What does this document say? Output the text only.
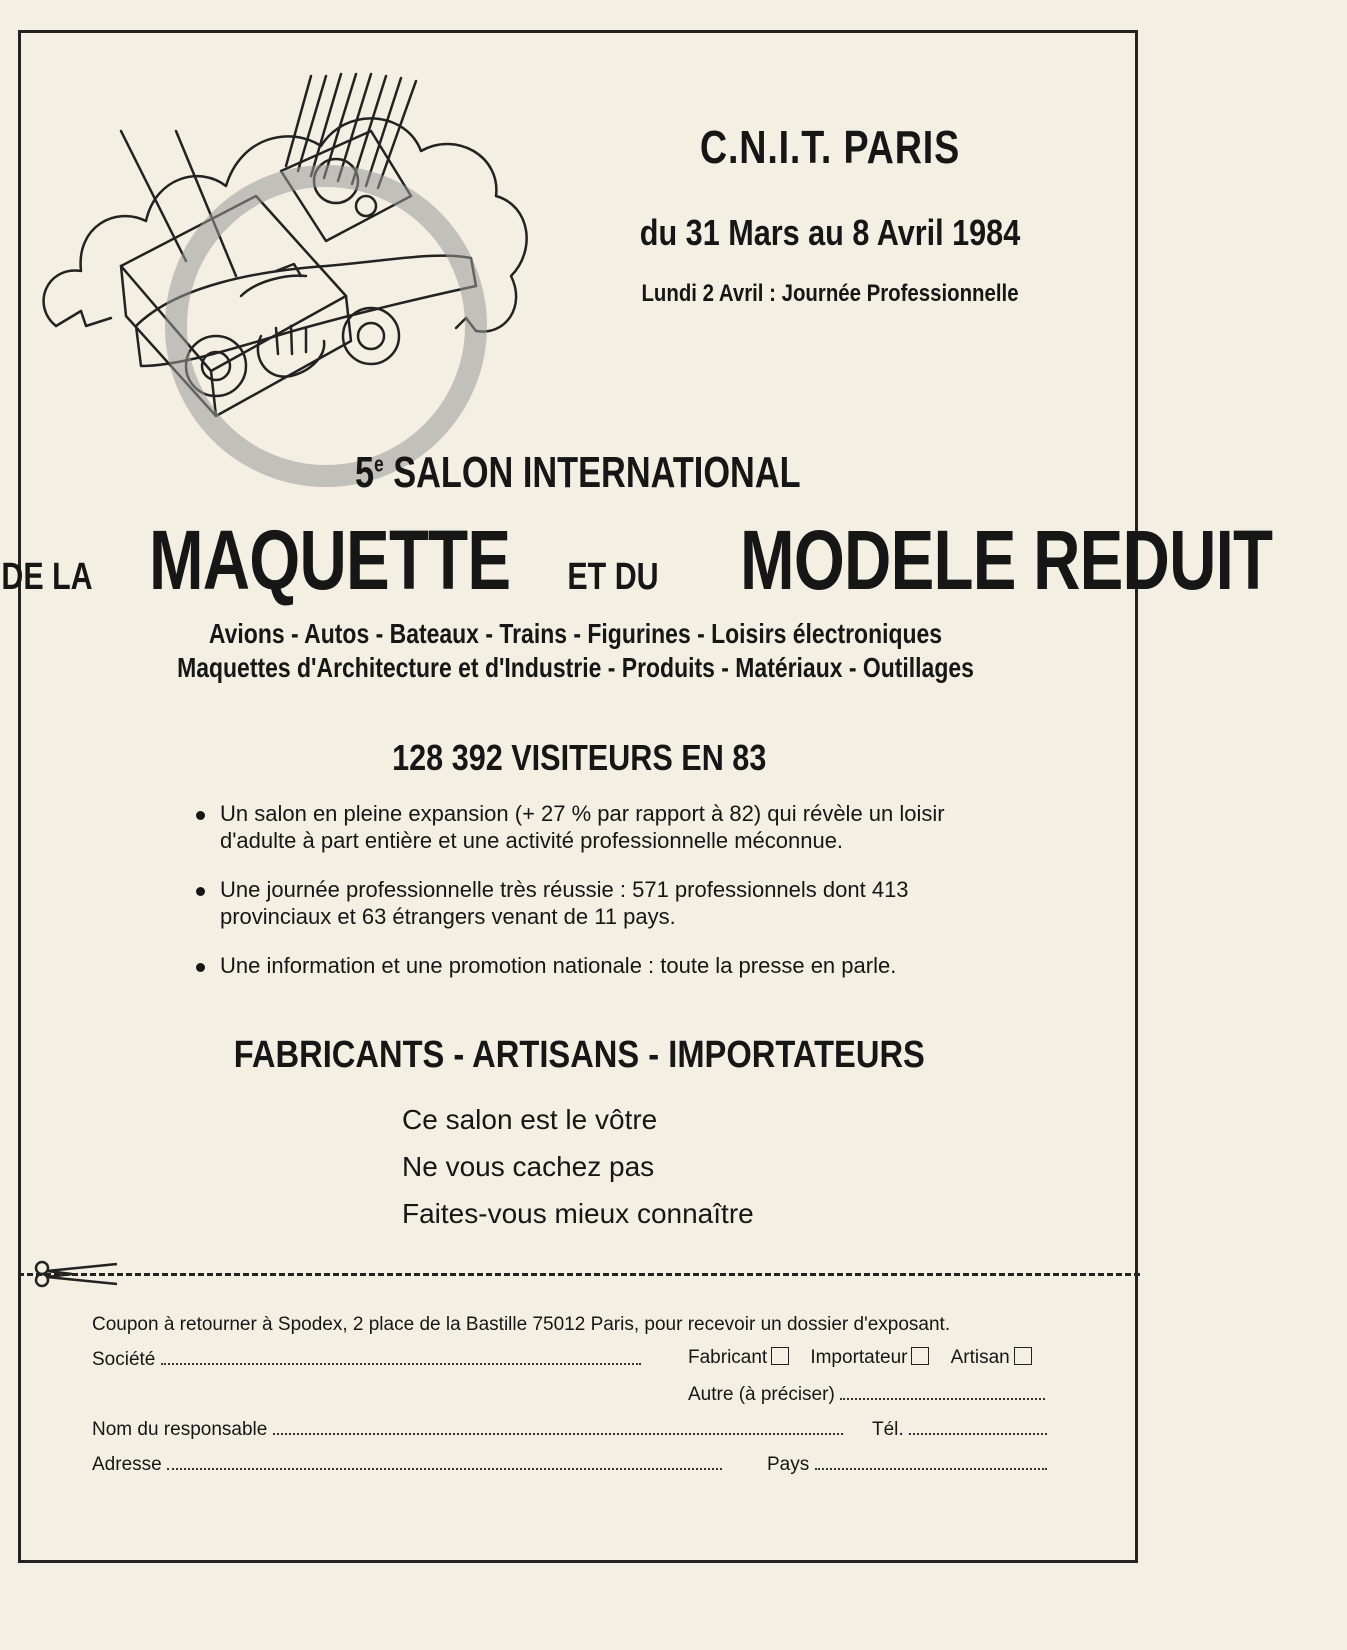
C.N.I.T. PARIS
du 31 Mars au 8 Avril 1984
Lundi 2 Avril : Journée Professionnelle
5e SALON INTERNATIONAL
DE LA MAQUETTE ET DU MODELE REDUIT
Avions - Autos - Bateaux - Trains - Figurines - Loisirs électroniques
Maquettes d'Architecture et d'Industrie - Produits - Matériaux - Outillages
128 392 VISITEURS EN 83
Un salon en pleine expansion (+ 27 % par rapport à 82) qui révèle un loisir d'adulte à part entière et une activité professionnelle méconnue.
Une journée professionnelle très réussie : 571 professionnels dont 413 provinciaux et 63 étrangers venant de 11 pays.
Une information et une promotion nationale : toute la presse en parle.
FABRICANTS - ARTISANS - IMPORTATEURS
Ce salon est le vôtre
Ne vous cachez pas
Faites-vous mieux connaître
Coupon à retourner à Spodex, 2 place de la Bastille 75012 Paris, pour recevoir un dossier d'exposant.
Société	Fabricant Importateur Artisan
Autre (à préciser)
Nom du responsable	Tél.
Adresse	Pays
